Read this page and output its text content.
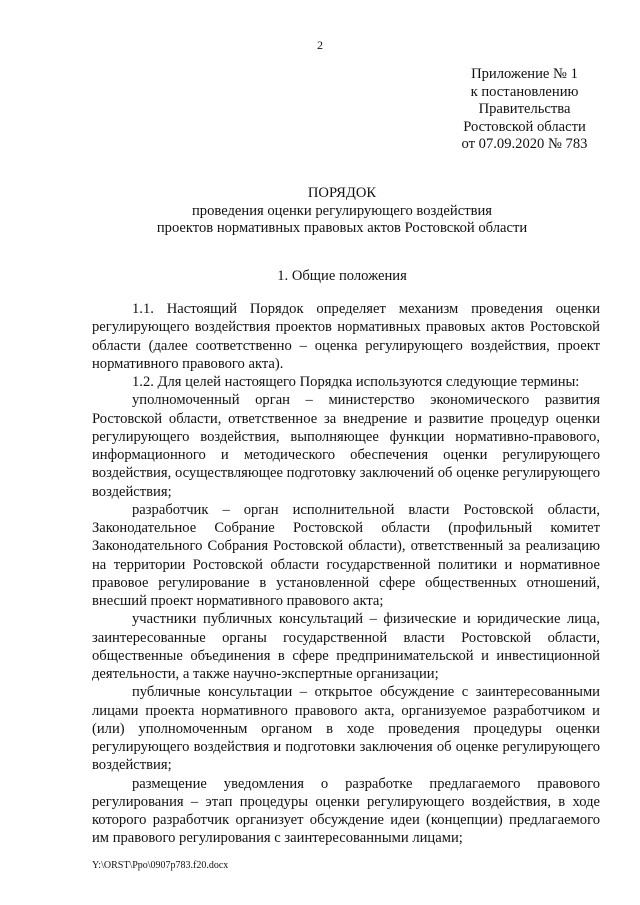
2
Приложение № 1
к постановлению
Правительства
Ростовской области
от 07.09.2020 № 783
ПОРЯДОК
проведения оценки регулирующего воздействия
проектов нормативных правовых актов Ростовской области
1. Общие положения

1.1. Настоящий Порядок определяет механизм проведения оценки регулирующего воздействия проектов нормативных правовых актов Ростовской области (далее соответственно – оценка регулирующего воздействия, проект нормативного правового акта).

1.2. Для целей настоящего Порядка используются следующие термины:

уполномоченный орган – министерство экономического развития Ростовской области, ответственное за внедрение и развитие процедур оценки регулирующего воздействия, выполняющее функции нормативно-правового, информационного и методического обеспечения оценки регулирующего воздействия, осуществляющее подготовку заключений об оценке регулирующего воздействия;

разработчик – орган исполнительной власти Ростовской области, Законодательное Собрание Ростовской области (профильный комитет Законодательного Собрания Ростовской области), ответственный за реализацию на территории Ростовской области государственной политики и нормативное правовое регулирование в установленной сфере общественных отношений, внесший проект нормативного правового акта;

участники публичных консультаций – физические и юридические лица, заинтересованные органы государственной власти Ростовской области, общественные объединения в сфере предпринимательской и инвестиционной деятельности, а также научно-экспертные организации;

публичные консультации – открытое обсуждение с заинтересованными лицами проекта нормативного правового акта, организуемое разработчиком и (или) уполномоченным органом в ходе проведения процедуры оценки регулирующего воздействия и подготовки заключения об оценке регулирующего воздействия;

размещение уведомления о разработке предлагаемого правового регулирования – этап процедуры оценки регулирующего воздействия, в ходе которого разработчик организует обсуждение идеи (концепции) предлагаемого им правового регулирования с заинтересованными лицами;

Y:\ORST\Ppo\0907p783.f20.docx
